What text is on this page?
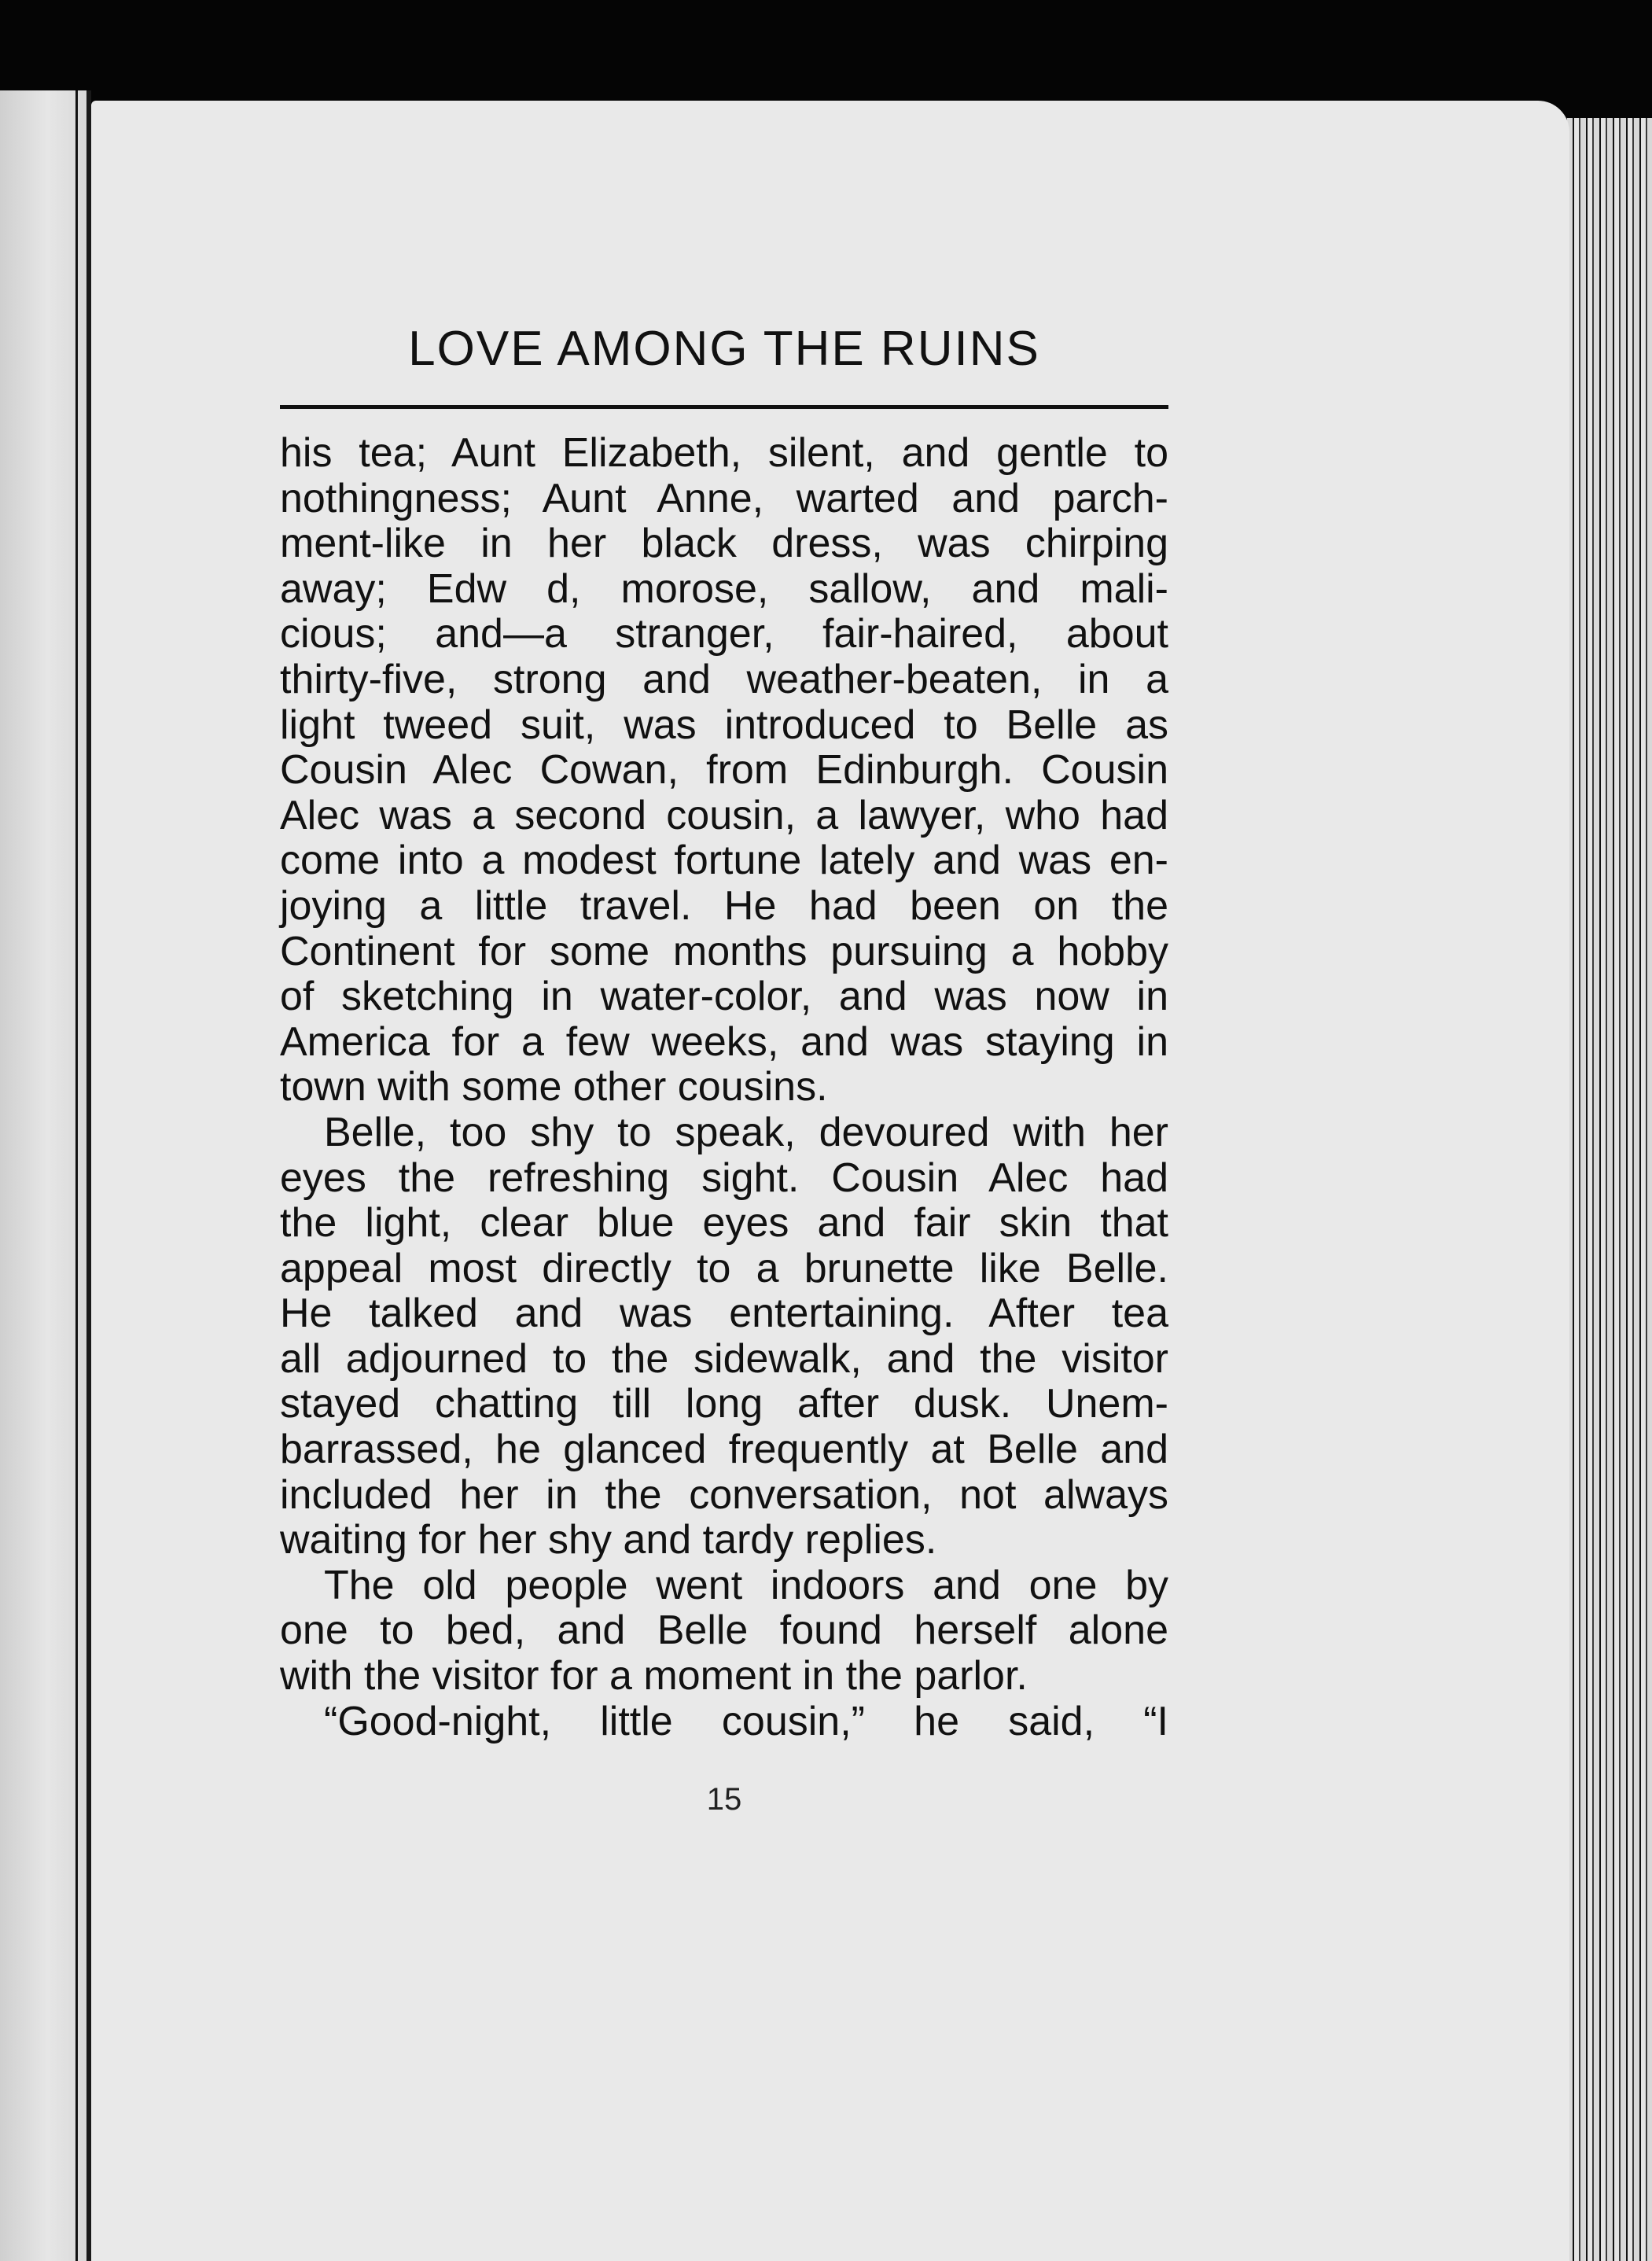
LOVE AMONG THE RUINS
his tea; Aunt Elizabeth, silent, and gentle to
nothingness; Aunt Anne, warted and parch-
ment-like in her black dress, was chirping
away; Edw d, morose, sallow, and mali-
cious; and—a stranger, fair-haired, about
thirty-five, strong and weather-beaten, in a
light tweed suit, was introduced to Belle as
Cousin Alec Cowan, from Edinburgh. Cousin
Alec was a second cousin, a lawyer, who had
come into a modest fortune lately and was en-
joying a little travel. He had been on the
Continent for some months pursuing a hobby
of sketching in water-color, and was now in
America for a few weeks, and was staying in
town with some other cousins.
Belle, too shy to speak, devoured with her
eyes the refreshing sight. Cousin Alec had
the light, clear blue eyes and fair skin that
appeal most directly to a brunette like Belle.
He talked and was entertaining. After tea
all adjourned to the sidewalk, and the visitor
stayed chatting till long after dusk. Unem-
barrassed, he glanced frequently at Belle and
included her in the conversation, not always
waiting for her shy and tardy replies.
The old people went indoors and one by
one to bed, and Belle found herself alone
with the visitor for a moment in the parlor.
“Good-night, little cousin,” he said, “I
15
